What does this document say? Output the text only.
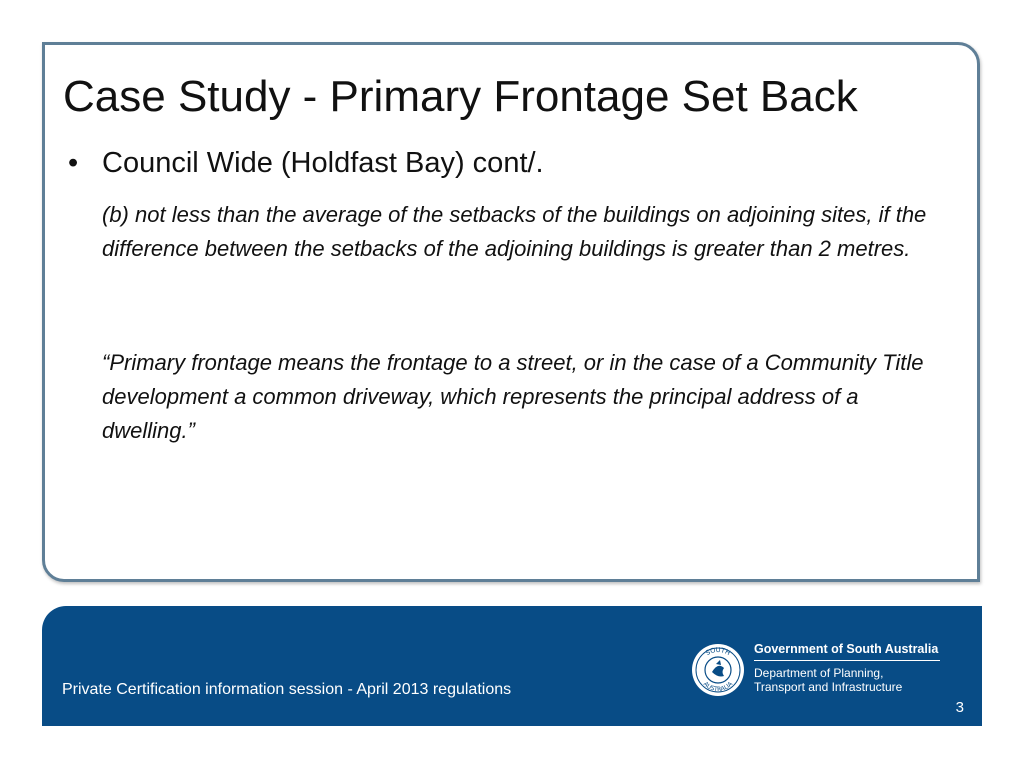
Case Study - Primary Frontage Set Back
• Council Wide (Holdfast Bay) cont/.

(b) not less than the average of the setbacks of the buildings on adjoining sites, if the difference between the setbacks of the adjoining buildings is greater than 2 metres.

“Primary frontage means the frontage to a street, or in the case of a Community Title development a common driveway, which represents the principal address of a dwelling.”

SOUTH
AUSTRALIA
Government of South Australia
Department of Planning,
Transport and Infrastructure
Private Certification information session - April 2013 regulations
3
